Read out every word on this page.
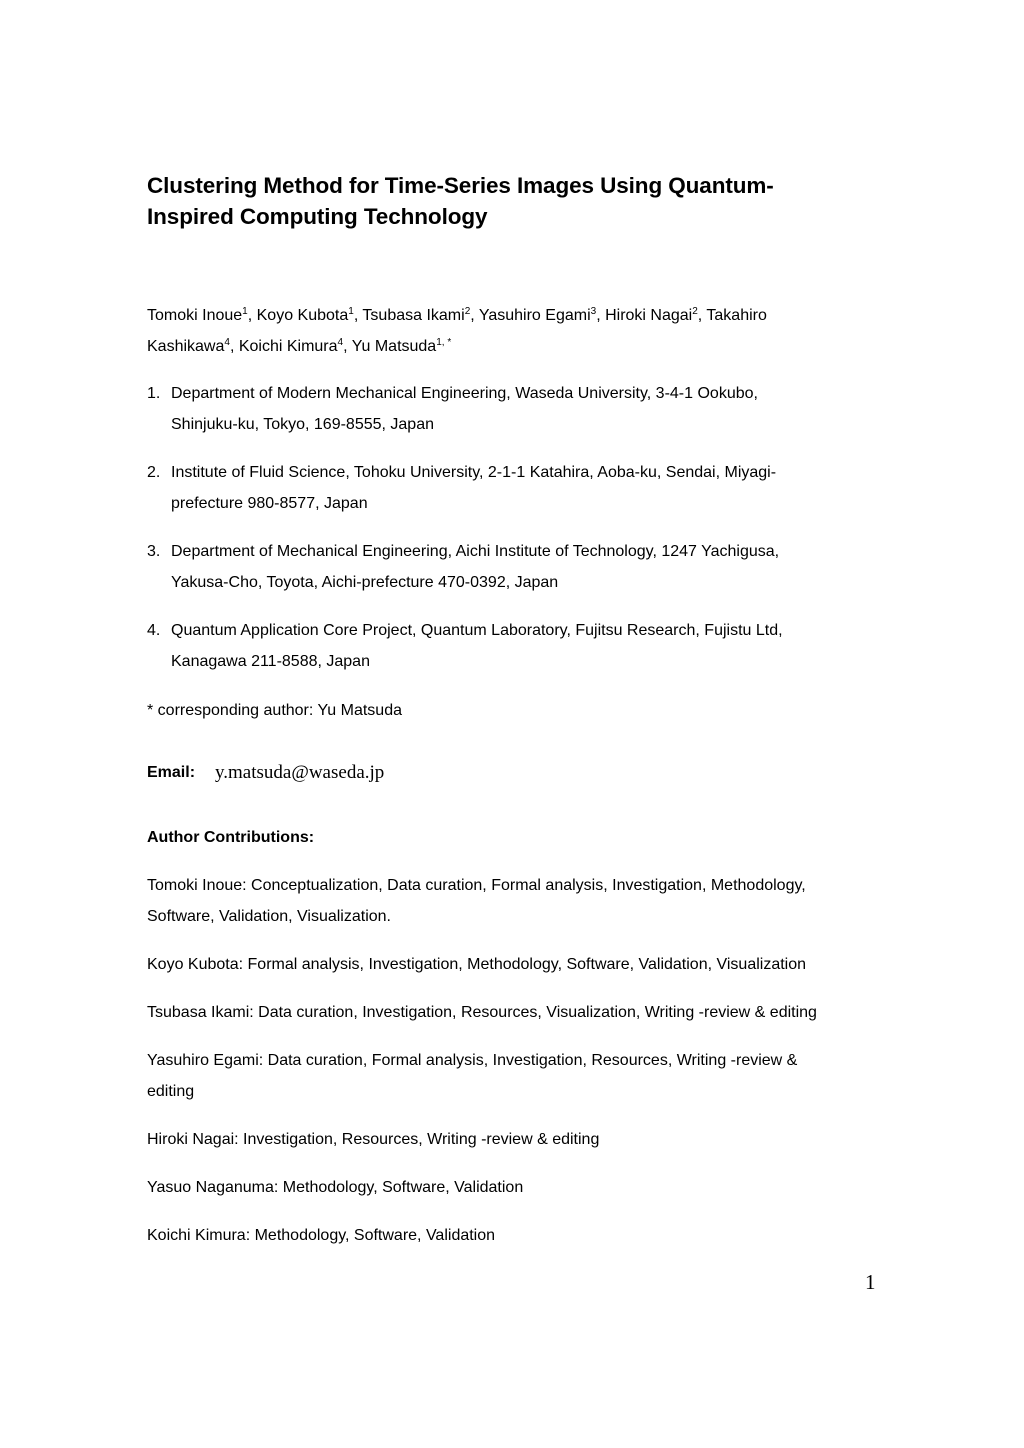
Clustering Method for Time-Series Images Using Quantum-
Inspired Computing Technology
Tomoki Inoue$^1$, Koyo Kubota$^1$, Tsubasa Ikami$^2$, Yasuhiro Egami$^3$, Hiroki Nagai$^2$, Takahiro
Kashikawa$^4$, Koichi Kimura$^4$, Yu Matsuda$^{1, *}$
1. Department of Modern Mechanical Engineering, Waseda University, 3-4-1 Ookubo,
Shinjuku-ku, Tokyo, 169-8555, Japan
2. Institute of Fluid Science, Tohoku University, 2-1-1 Katahira, Aoba-ku, Sendai, Miyagi-
prefecture 980-8577, Japan
3. Department of Mechanical Engineering, Aichi Institute of Technology, 1247 Yachigusa,
Yakusa-Cho, Toyota, Aichi-prefecture 470-0392, Japan
4. Quantum Application Core Project, Quantum Laboratory, Fujitsu Research, Fujistu Ltd,
Kanagawa 211-8588, Japan
* corresponding author: Yu Matsuda
Email: y.matsuda@waseda.jp
Author Contributions:
Tomoki Inoue: Conceptualization, Data curation, Formal analysis, Investigation, Methodology,
Software, Validation, Visualization.
Koyo Kubota: Formal analysis, Investigation, Methodology, Software, Validation, Visualization
Tsubasa Ikami: Data curation, Investigation, Resources, Visualization, Writing -review & editing
Yasuhiro Egami: Data curation, Formal analysis, Investigation, Resources, Writing -review &
editing
Hiroki Nagai: Investigation, Resources, Writing -review & editing
Yasuo Naganuma: Methodology, Software, Validation
Koichi Kimura: Methodology, Software, Validation
1
